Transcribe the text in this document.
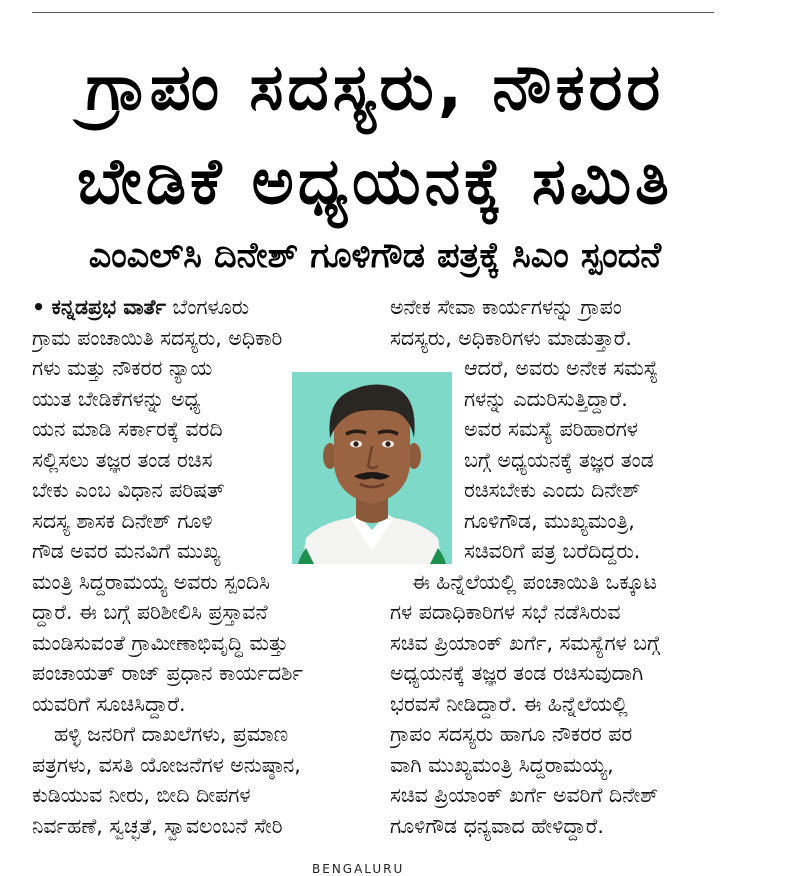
ಗ್ರಾಪಂ ಸದಸ್ಯರು, ನೌಕರರ
ಬೇಡಿಕೆ ಅಧ್ಯಯನಕ್ಕೆ ಸಮಿತಿ
ಎಂಎಲ್‌ಸಿ ದಿನೇಶ್ ಗೂಳಿಗೌಡ ಪತ್ರಕ್ಕೆ ಸಿಎಂ ಸ್ಪಂದನೆ
• ಕನ್ನಡಪ್ರಭ ವಾರ್ತೆ ಬೆಂಗಳೂರು
ಗ್ರಾಮ ಪಂಚಾಯಿತಿ ಸದಸ್ಯರು, ಅಧಿಕಾರಿ
ಗಳು ಮತ್ತು ನೌಕರರ ನ್ಯಾಯ
ಯುತ ಬೇಡಿಕೆಗಳನ್ನು ಅಧ್ಯ
ಯನ ಮಾಡಿ ಸರ್ಕಾರಕ್ಕೆ ವರದಿ
ಸಲ್ಲಿಸಲು ತಜ್ಞರ ತಂಡ ರಚಿಸ
ಬೇಕು ಎಂಬ ವಿಧಾನ ಪರಿಷತ್
ಸದಸ್ಯ ಶಾಸಕ ದಿನೇಶ್ ಗೂಳಿ
ಗೌಡ ಅವರ ಮನವಿಗೆ ಮುಖ್ಯ
ಮಂತ್ರಿ ಸಿದ್ದರಾಮಯ್ಯ ಅವರು ಸ್ಪಂದಿಸಿ
ದ್ದಾರೆ. ಈ ಬಗ್ಗೆ ಪರಿಶೀಲಿಸಿ ಪ್ರಸ್ತಾವನೆ
ಮಂಡಿಸುವಂತೆ ಗ್ರಾಮೀಣಾಭಿವೃದ್ಧಿ ಮತ್ತು
ಪಂಚಾಯತ್ ರಾಜ್ ಪ್ರಧಾನ ಕಾರ್ಯದರ್ಶಿ
ಯವರಿಗೆ ಸೂಚಿಸಿದ್ದಾರೆ.
ಹಳ್ಳಿ ಜನರಿಗೆ ದಾಖಲೆಗಳು, ಪ್ರಮಾಣ
ಪತ್ರಗಳು, ವಸತಿ ಯೋಜನೆಗಳ ಅನುಷ್ಠಾನ,
ಕುಡಿಯುವ ನೀರು, ಬೀದಿ ದೀಪಗಳ
ನಿರ್ವಹಣೆ, ಸ್ವಚ್ಛತೆ, ಸ್ವಾವಲಂಬನೆ ಸೇರಿ
ಅನೇಕ ಸೇವಾ ಕಾರ್ಯಗಳನ್ನು ಗ್ರಾಪಂ
ಸದಸ್ಯರು, ಅಧಿಕಾರಿಗಳು ಮಾಡುತ್ತಾರೆ.
ಆದರೆ, ಅವರು ಅನೇಕ ಸಮಸ್ಯೆ
ಗಳನ್ನು ಎದುರಿಸುತ್ತಿದ್ದಾರೆ.
ಅವರ ಸಮಸ್ಯೆ ಪರಿಹಾರಗಳ
ಬಗ್ಗೆ ಅಧ್ಯಯನಕ್ಕೆ ತಜ್ಞರ ತಂಡ
ರಚಿಸಬೇಕು ಎಂದು ದಿನೇಶ್
ಗೂಳಿಗೌಡ, ಮುಖ್ಯಮಂತ್ರಿ,
ಸಚಿವರಿಗೆ ಪತ್ರ ಬರೆದಿದ್ದರು.
ಈ ಹಿನ್ನೆಲೆಯಲ್ಲಿ ಪಂಚಾಯಿತಿ ಒಕ್ಕೂಟ
ಗಳ ಪದಾಧಿಕಾರಿಗಳ ಸಭೆ ನಡೆಸಿರುವ
ಸಚಿವ ಪ್ರಿಯಾಂಕ್ ಖರ್ಗೆ, ಸಮಸ್ಯೆಗಳ ಬಗ್ಗೆ
ಅಧ್ಯಯನಕ್ಕೆ ತಜ್ಞರ ತಂಡ ರಚಿಸುವುದಾಗಿ
ಭರವಸೆ ನೀಡಿದ್ದಾರೆ. ಈ ಹಿನ್ನೆಲೆಯಲ್ಲಿ
ಗ್ರಾಪಂ ಸದಸ್ಯರು ಹಾಗೂ ನೌಕರರ ಪರ
ವಾಗಿ ಮುಖ್ಯಮಂತ್ರಿ ಸಿದ್ದರಾಮಯ್ಯ,
ಸಚಿವ ಪ್ರಿಯಾಂಕ್ ಖರ್ಗೆ ಅವರಿಗೆ ದಿನೇಶ್
ಗೂಳಿಗೌಡ ಧನ್ಯವಾದ ಹೇಳಿದ್ದಾರೆ.
BENGALURU
